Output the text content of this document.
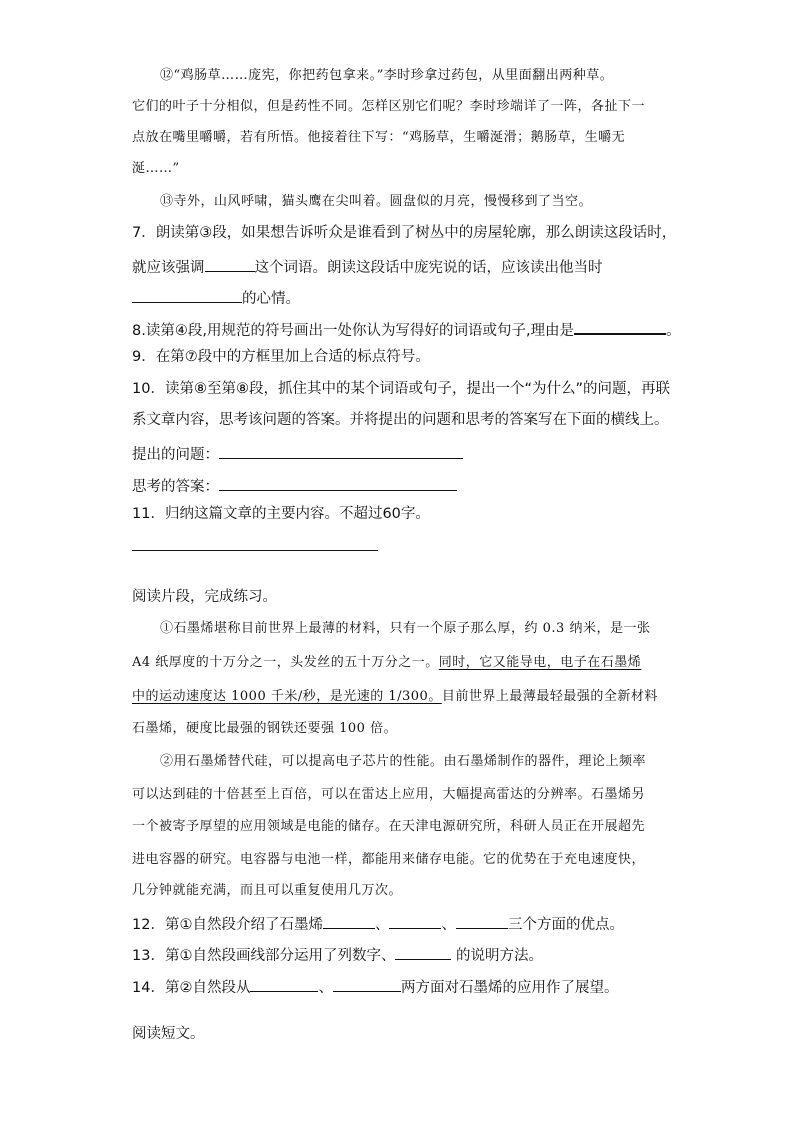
⑫“鸡肠草……庞宪，你把药包拿来。”李时珍拿过药包，从里面翻出两种草。
它们的叶子十分相似，但是药性不同。怎样区别它们呢？李时珍端详了一阵，各扯下一
点放在嘴里嚼嚼，若有所悟。他接着往下写：“鸡肠草，生嚼涎滑；鹅肠草，生嚼无
涎……”
⑬寺外，山风呼啸，猫头鹰在尖叫着。圆盘似的月亮，慢慢移到了当空。
7．朗读第③段，如果想告诉听众是谁看到了树丛中的房屋轮廓，那么朗读这段话时，
就应该强调	这个词语。朗读这段话中庞宪说的话，应该读出他当时
的心情。
8.读第④段,用规范的符号画出一处你认为写得好的词语或句子,理由是	。
9．在第⑦段中的方框里加上合适的标点符号。
10．读第⑧至第⑧段，抓住其中的某个词语或句子，提出一个“为什么”的问题，再联
系文章内容，思考该问题的答案。并将提出的问题和思考的答案写在下面的横线上。
提出的问题：
思考的答案：
11．归纳这篇文章的主要内容。不超过60字。
阅读片段，完成练习。
①石墨烯堪称目前世界上最薄的材料，只有一个原子那么厚，约 0.3 纳米，是一张
A4 纸厚度的十万分之一，头发丝的五十万分之一。同时，它又能导电，电子在石墨烯
中的运动速度达 1000 千米/秒，是光速的 1/300。目前世界上最薄最轻最强的全新材料
石墨烯，硬度比最强的钢铁还要强 100 倍。
②用石墨烯替代硅，可以提高电子芯片的性能。由石墨烯制作的器件，理论上频率
可以达到硅的十倍甚至上百倍，可以在雷达上应用，大幅提高雷达的分辨率。石墨烯另
一个被寄予厚望的应用领域是电能的储存。在天津电源研究所，科研人员正在开展超先
进电容器的研究。电容器与电池一样，都能用来储存电能。它的优势在于充电速度快，
几分钟就能充满，而且可以重复使用几万次。
12．第①自然段介绍了石墨烯	、	、	三个方面的优点。
13．第①自然段画线部分运用了列数字、	的说明方法。
14．第②自然段从	、	两方面对石墨烯的应用作了展望。
阅读短文。
